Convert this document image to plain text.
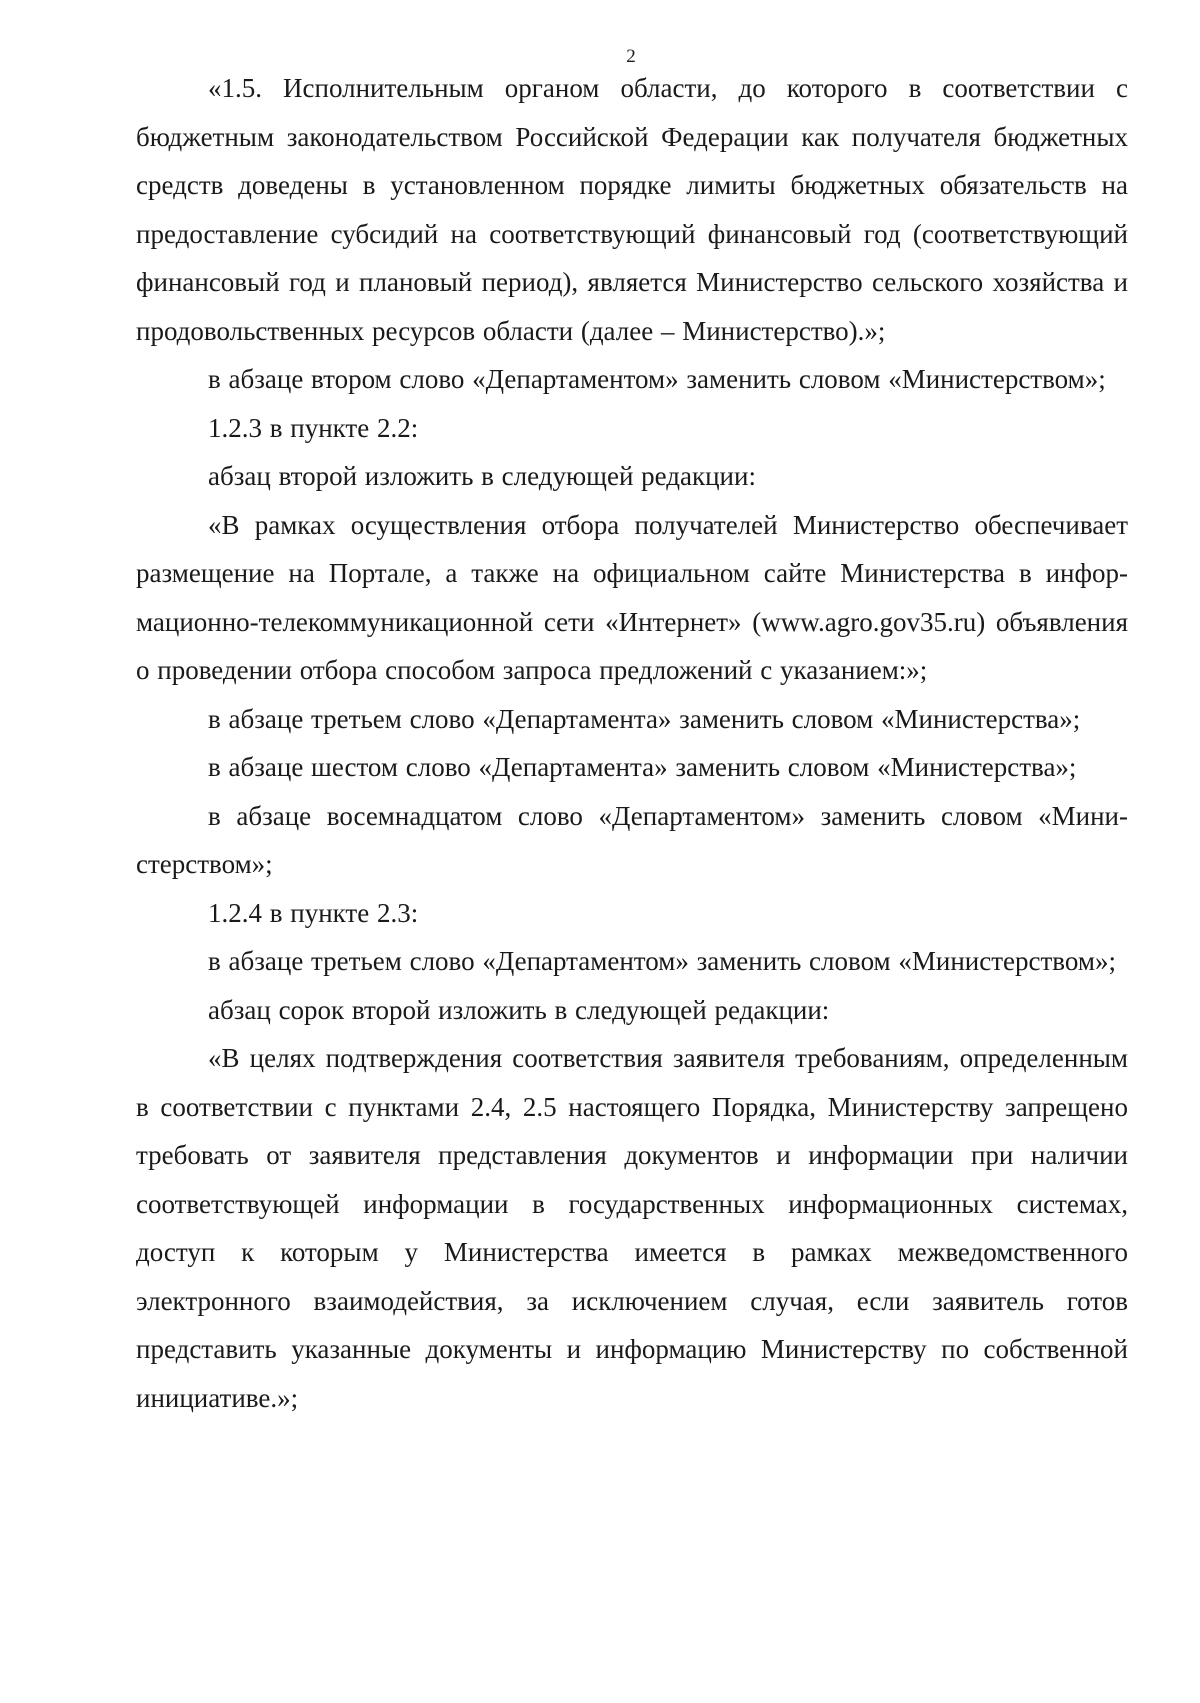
2

«1.5. Исполнительным органом области, до которого в соответствии с бюджетным законодательством Российской Федерации как получателя бюджетных средств доведены в установленном порядке лимиты бюджетных обязательств на предоставление субсидий на соответствующий финансовый год (соответствующий финансовый год и плановый период), является Министерство сельского хозяйства и продовольственных ресурсов области (далее – Министерство).»;

в абзаце втором слово «Департаментом» заменить словом «Министерством»;

1.2.3 в пункте 2.2:

абзац второй изложить в следующей редакции:

«В рамках осуществления отбора получателей Министерство обеспечивает размещение на Портале, а также на официальном сайте Министерства в информационно-телекоммуникационной сети «Интернет» (www.agro.gov35.ru) объявления о проведении отбора способом запроса предложений с указанием:»;

в абзаце третьем слово «Департамента» заменить словом «Министерства»;

в абзаце шестом слово «Департамента» заменить словом «Министерства»;

в абзаце восемнадцатом слово «Департаментом» заменить словом «Министерством»;

1.2.4 в пункте 2.3:

в абзаце третьем слово «Департаментом» заменить словом «Министерством»;

абзац сорок второй изложить в следующей редакции:

«В целях подтверждения соответствия заявителя требованиям, определенным в соответствии с пунктами 2.4, 2.5 настоящего Порядка, Министерству запрещено требовать от заявителя представления документов и информации при наличии соответствующей информации в государственных информационных системах, доступ к которым у Министерства имеется в рамках межведомственного электронного взаимодействия, за исключением случая, если заявитель готов представить указанные документы и информацию Министерству по собственной инициативе.»;
